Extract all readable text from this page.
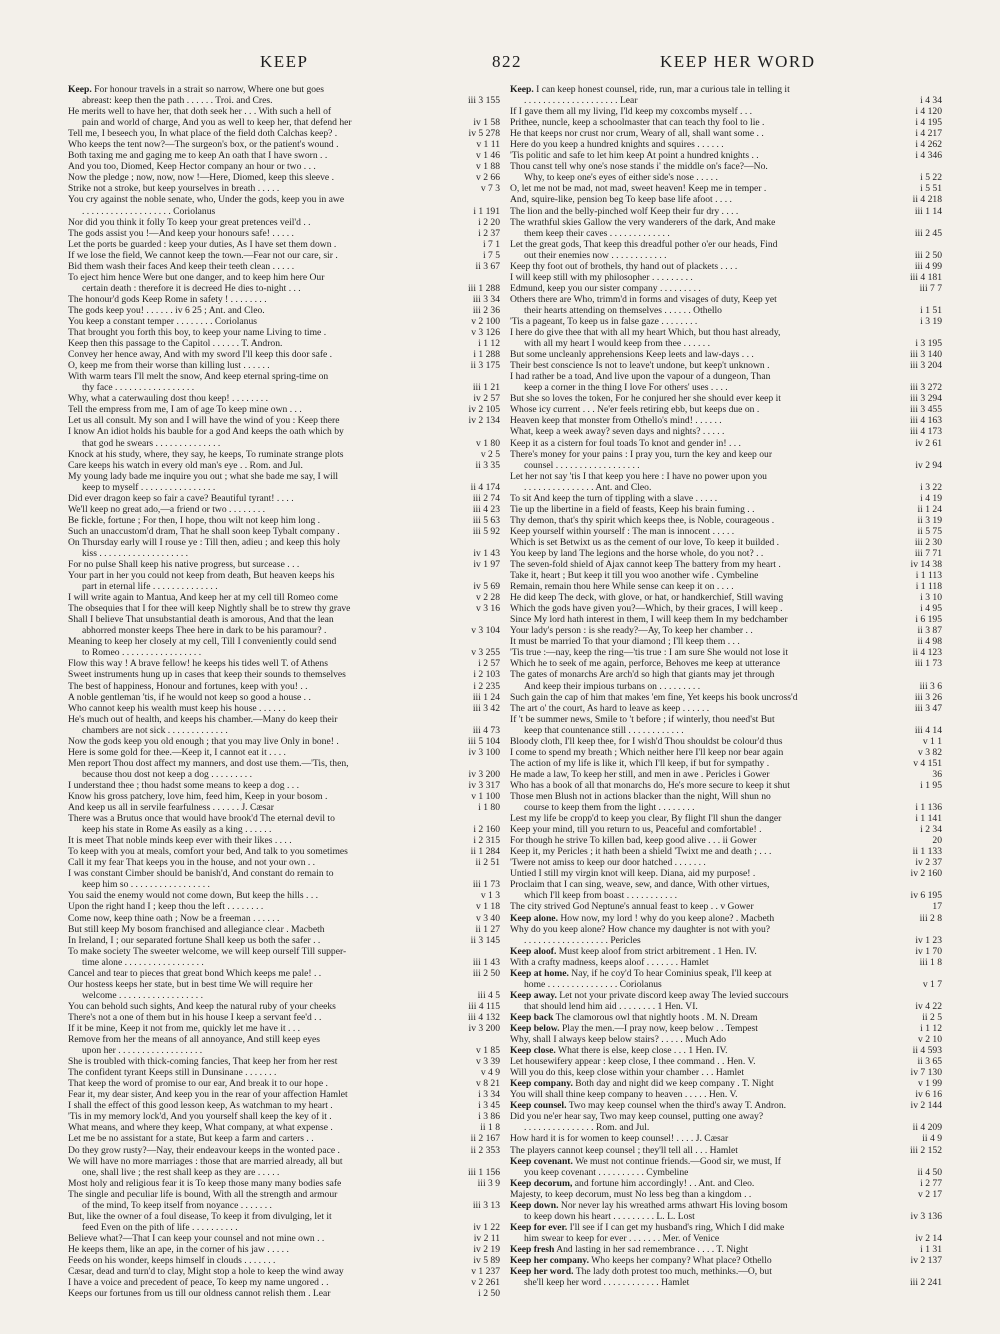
KEEP	822	KEEP HER WORD
Keep. For honour travels in a strait so narrow, Where one but goes
abreast: keep then the path . . . . . . Troi. and Cres.	iii 3 155
He merits well to have her, that doth seek her . . . With such a hell of
pain and world of charge, And you as well to keep her, that defend her	iv 1 58
Tell me, I beseech you, In what place of the field doth Calchas keep? .	iv 5 278
Who keeps the tent now?—The surgeon's box, or the patient's wound .	v 1 11
Both taxing me and gaging me to keep An oath that I have sworn . .	v 1 46
And you too, Diomed, Keep Hector company an hour or two . . .	v 1 88
Now the pledge ; now, now, now !—Here, Diomed, keep this sleeve .	v 2 66
Strike not a stroke, but keep yourselves in breath . . . . .	v 7 3
You cry against the noble senate, who, Under the gods, keep you in awe
. . . . . . . . . . . . . . . . . . . Coriolanus	i 1 191
Nor did you think it folly To keep your great pretences veil'd . .	i 2 20
The gods assist you !—And keep your honours safe! . . . . .	i 2 37
Let the ports be guarded : keep your duties, As I have set them down .	i 7 1
If we lose the field, We cannot keep the town.—Fear not our care, sir .	i 7 5
Bid them wash their faces And keep their teeth clean . . . . .	ii 3 67
To eject him hence Were but one danger, and to keep him here Our
certain death : therefore it is decreed He dies to-night . . .	iii 1 288
The honour'd gods Keep Rome in safety ! . . . . . . . .	iii 3 34
The gods keep you! . . . . . . iv 6 25 ; Ant. and Cleo.	iii 2 36
You keep a constant temper . . . . . . . . Coriolanus	v 2 100
That brought you forth this boy, to keep your name Living to time .	v 3 126
Keep then this passage to the Capitol . . . . . . T. Andron.	i 1 12
Convey her hence away, And with my sword I'll keep this door safe .	i 1 288
O, keep me from their worse than killing lust . . . . . .	ii 3 175
With warm tears I'll melt the snow, And keep eternal spring-time on
thy face . . . . . . . . . . . . . . . . .	iii 1 21
Why, what a caterwauling dost thou keep! . . . . . . . .	iv 2 57
Tell the empress from me, I am of age To keep mine own . . .	iv 2 105
Let us all consult. My son and I will have the wind of you : Keep there	iv 2 134
I know An idiot holds his bauble for a god And keeps the oath which by
that god he swears . . . . . . . . . . . . . .	v 1 80
Knock at his study, where, they say, he keeps, To ruminate strange plots	v 2 5
Care keeps his watch in every old man's eye . . Rom. and Jul.	ii 3 35
My young lady bade me inquire you out ; what she bade me say, I will
keep to myself . . . . . . . . . . . . . . . .	ii 4 174
Did ever dragon keep so fair a cave? Beautiful tyrant! . . . .	iii 2 74
We'll keep no great ado,—a friend or two . . . . . . . .	iii 4 23
Be fickle, fortune ; For then, I hope, thou wilt not keep him long .	iii 5 63
Such an unaccustom'd dram, That he shall soon keep Tybalt company .	iii 5 92
On Thursday early will I rouse ye : Till then, adieu ; and keep this holy
kiss . . . . . . . . . . . . . . . . . . .	iv 1 43
For no pulse Shall keep his native progress, but surcease . . .	iv 1 97
Your part in her you could not keep from death, But heaven keeps his
part in eternal life . . . . . . . . . . . . . .	iv 5 69
I will write again to Mantua, And keep her at my cell till Romeo come	v 2 28
The obsequies that I for thee will keep Nightly shall be to strew thy grave	v 3 16
Shall I believe That unsubstantial death is amorous, And that the lean
abhorred monster keeps Thee here in dark to be his paramour? .	v 3 104
Meaning to keep her closely at my cell, Till I conveniently could send
to Romeo . . . . . . . . . . . . . . . . .	v 3 255
Flow this way ! A brave fellow! he keeps his tides well T. of Athens	i 2 57
Sweet instruments hung up in cases that keep their sounds to themselves	i 2 103
The best of happiness, Honour and fortunes, keep with you! . .	i 2 235
A noble gentleman 'tis, if he would not keep so good a house . .	iii 1 24
Who cannot keep his wealth must keep his house . . . . . .	iii 3 42
He's much out of health, and keeps his chamber.—Many do keep their
chambers are not sick . . . . . . . . . . . . .	iii 4 73
Now the gods keep you old enough ; that you may live Only in bone! .	iii 5 104
Here is some gold for thee.—Keep it, I cannot eat it . . . .	iv 3 100
Men report Thou dost affect my manners, and dost use them.—'Tis, then,
because thou dost not keep a dog . . . . . . . . .	iv 3 200
I understand thee ; thou hadst some means to keep a dog . . .	iv 3 317
Know his gross patchery, love him, feed him, Keep in your bosom .	v 1 100
And keep us all in servile fearfulness . . . . . . J. Cæsar	i 1 80
There was a Brutus once that would have brook'd The eternal devil to
keep his state in Rome As easily as a king . . . . . .	i 2 160
It is meet That noble minds keep ever with their likes . . . .	i 2 315
To keep with you at meals, comfort your bed, And talk to you sometimes	ii 1 284
Call it my fear That keeps you in the house, and not your own . .	ii 2 51
I was constant Cimber should be banish'd, And constant do remain to
keep him so . . . . . . . . . . . . . . . . .	iii 1 73
You said the enemy would not come down, But keep the hills . . .	v 1 3
Upon the right hand I ; keep thou the left . . . . . . . .	v 1 18
Come now, keep thine oath ; Now be a freeman . . . . . .	v 3 40
But still keep My bosom franchised and allegiance clear . Macbeth	ii 1 27
In Ireland, I ; our separated fortune Shall keep us both the safer . .	ii 3 145
To make society The sweeter welcome, we will keep ourself Till supper-
time alone . . . . . . . . . . . . . . . . .	iii 1 43
Cancel and tear to pieces that great bond Which keeps me pale! . .	iii 2 50
Our hostess keeps her state, but in best time We will require her
welcome . . . . . . . . . . . . . . . . . .	iii 4 5
You can behold such sights, And keep the natural ruby of your cheeks	iii 4 115
There's not a one of them but in his house I keep a servant fee'd . .	iii 4 132
If it be mine, Keep it not from me, quickly let me have it . . .	iv 3 200
Remove from her the means of all annoyance, And still keep eyes
upon her . . . . . . . . . . . . . . . . . .	v 1 85
She is troubled with thick-coming fancies, That keep her from her rest	v 3 39
The confident tyrant Keeps still in Dunsinane . . . . . . .	v 4 9
That keep the word of promise to our ear, And break it to our hope .	v 8 21
Fear it, my dear sister, And keep you in the rear of your affection Hamlet	i 3 34
I shall the effect of this good lesson keep, As watchman to my heart .	i 3 45
'Tis in my memory lock'd, And you yourself shall keep the key of it .	i 3 86
What means, and where they keep, What company, at what expense .	ii 1 8
Let me be no assistant for a state, But keep a farm and carters . .	ii 2 167
Do they grow rusty?—Nay, their endeavour keeps in the wonted pace .	ii 2 353
We will have no more marriages : those that are married already, all but
one, shall live ; the rest shall keep as they are . . . . .	iii 1 156
Most holy and religious fear it is To keep those many many bodies safe	iii 3 9
The single and peculiar life is bound, With all the strength and armour
of the mind, To keep itself from noyance . . . . . . .	iii 3 13
But, like the owner of a foul disease, To keep it from divulging, let it
feed Even on the pith of life . . . . . . . . . .	iv 1 22
Believe what?—That I can keep your counsel and not mine own . .	iv 2 11
He keeps them, like an ape, in the corner of his jaw . . . . .	iv 2 19
Feeds on his wonder, keeps himself in clouds . . . . . . .	iv 5 89
Cæsar, dead and turn'd to clay, Might stop a hole to keep the wind away	v 1 237
I have a voice and precedent of peace, To keep my name ungored . .	v 2 261
Keeps our fortunes from us till our oldness cannot relish them . Lear	i 2 50
Keep. I can keep honest counsel, ride, run, mar a curious tale in telling it
. . . . . . . . . . . . . . . . . . . . Lear	i 4 34
If I gave them all my living, I'ld keep my coxcombs myself . . .	i 4 120
Prithee, nuncle, keep a schoolmaster that can teach thy fool to lie .	i 4 195
He that keeps nor crust nor crum, Weary of all, shall want some . .	i 4 217
Here do you keep a hundred knights and squires . . . . . .	i 4 262
'Tis politic and safe to let him keep At point a hundred knights . .	i 4 346
Thou canst tell why one's nose stands i' the middle on's face?—No.
Why, to keep one's eyes of either side's nose . . . . .	i 5 22
O, let me not be mad, not mad, sweet heaven! Keep me in temper .	i 5 51
And, squire-like, pension beg To keep base life afoot . . . .	ii 4 218
The lion and the belly-pinched wolf Keep their fur dry . . . .	iii 1 14
The wrathful skies Gallow the very wanderers of the dark, And make
them keep their caves . . . . . . . . . . . . .	iii 2 45
Let the great gods, That keep this dreadful pother o'er our heads, Find
out their enemies now . . . . . . . . . . . .	iii 2 50
Keep thy foot out of brothels, thy hand out of plackets . . . .	iii 4 99
I will keep still with my philosopher . . . . . . . . .	iii 4 181
Edmund, keep you our sister company . . . . . . . . .	iii 7 7
Others there are Who, trimm'd in forms and visages of duty, Keep yet
their hearts attending on themselves . . . . . . Othello	i 1 51
'Tis a pageant, To keep us in false gaze . . . . . . . .	i 3 19
I here do give thee that with all my heart Which, but thou hast already,
with all my heart I would keep from thee . . . . . .	i 3 195
But some uncleanly apprehensions Keep leets and law-days . . .	iii 3 140
Their best conscience Is not to leave't undone, but keep't unknown .	iii 3 204
I had rather be a toad, And live upon the vapour of a dungeon, Than
keep a corner in the thing I love For others' uses . . . .	iii 3 272
But she so loves the token, For he conjured her she should ever keep it	iii 3 294
Whose icy current . . . Ne'er feels retiring ebb, but keeps due on .	iii 3 455
Heaven keep that monster from Othello's mind! . . . . . .	iii 4 163
What, keep a week away? seven days and nights? . . . . .	iii 4 173
Keep it as a cistern for foul toads To knot and gender in! . . .	iv 2 61
There's money for your pains : I pray you, turn the key and keep our
counsel . . . . . . . . . . . . . . . . . .	iv 2 94
Let her not say 'tis I that keep you here : I have no power upon you
. . . . . . . . . . . . . . . Ant. and Cleo.	i 3 22
To sit And keep the turn of tippling with a slave . . . . .	i 4 19
Tie up the libertine in a field of feasts, Keep his brain fuming . .	ii 1 24
Thy demon, that's thy spirit which keeps thee, is Noble, courageous .	ii 3 19
Keep yourself within yourself : The man is innocent . . . . .	ii 5 75
Which is set Betwixt us as the cement of our love, To keep it builded .	iii 2 30
You keep by land The legions and the horse whole, do you not? . .	iii 7 71
The seven-fold shield of Ajax cannot keep The battery from my heart .	iv 14 38
Take it, heart ; But keep it till you woo another wife . Cymbeline	i 1 113
Remain, remain thou here While sense can keep it on . . . .	i 1 118
He did keep The deck, with glove, or hat, or handkerchief, Still waving	i 3 10
Which the gods have given you?—Which, by their graces, I will keep .	i 4 95
Since My lord hath interest in them, I will keep them In my bedchamber	i 6 195
Your lady's person : is she ready?—Ay, To keep her chamber . .	ii 3 87
It must be married To that your diamond ; I'll keep them . . .	ii 4 98
'Tis true :—nay, keep the ring—'tis true : I am sure She would not lose it	ii 4 123
Which he to seek of me again, perforce, Behoves me keep at utterance	iii 1 73
The gates of monarchs Are arch'd so high that giants may jet through
And keep their impious turbans on . . . . . . . . .	iii 3 6
Such gain the cap of him that makes 'em fine, Yet keeps his book uncross'd	iii 3 26
The art o' the court, As hard to leave as keep . . . . . .	iii 3 47
If 't be summer news, Smile to 't before ; if winterly, thou need'st But
keep that countenance still . . . . . . . . . . . .	iii 4 14
Bloody cloth, I'll keep thee, for I wish'd Thou shouldst be colour'd thus	v 1 1
I come to spend my breath ; Which neither here I'll keep nor bear again	v 3 82
The action of my life is like it, which I'll keep, if but for sympathy .	v 4 151
He made a law, To keep her still, and men in awe . Pericles i Gower	36
Who has a book of all that monarchs do, He's more secure to keep it shut	i 1 95
Those men Blush not in actions blacker than the night, Will shun no
course to keep them from the light . . . . . . . .	i 1 136
Lest my life be cropp'd to keep you clear, By flight I'll shun the danger	i 1 141
Keep your mind, till you return to us, Peaceful and comfortable! .	i 2 34
For though he strive To killen bad, keep good alive . . . ii Gower	20
Keep it, my Pericles ; it hath been a shield 'Twixt me and death ; . . .	ii 1 133
'Twere not amiss to keep our door hatched . . . . . . .	iv 2 37
Untied I still my virgin knot will keep. Diana, aid my purpose! .	iv 2 160
Proclaim that I can sing, weave, sew, and dance, With other virtues,
which I'll keep from boast . . . . . . . . . . .	iv 6 195
The city strived God Neptune's annual feast to keep . . v Gower	17
Keep alone. How now, my lord ! why do you keep alone? . Macbeth	iii 2 8
Why do you keep alone? How chance my daughter is not with you?
. . . . . . . . . . . . . . . . . . Pericles	iv 1 23
Keep aloof. Must keep aloof from strict arbitrement . 1 Hen. IV.	iv 1 70
With a crafty madness, keeps aloof . . . . . . . Hamlet	iii 1 8
Keep at home. Nay, if he coy'd To hear Cominius speak, I'll keep at
home . . . . . . . . . . . . . . . Coriolanus	v 1 7
Keep away. Let not your private discord keep away The levied succours
that should lend him aid . . . . . . . . 1 Hen. VI.	iv 4 22
Keep back The clamorous owl that nightly hoots . M. N. Dream	ii 2 5
Keep below. Play the men.—I pray now, keep below . . Tempest	i 1 12
Why, shall I always keep below stairs? . . . . . Much Ado	v 2 10
Keep close. What there is else, keep close . . . 1 Hen. IV.	ii 4 593
Let housewifery appear : keep close, I thee command . . Hen. V.	ii 3 65
Will you do this, keep close within your chamber . . . Hamlet	iv 7 130
Keep company. Both day and night did we keep company . T. Night	v 1 99
You will shall thine keep company to heaven . . . . . Hen. V.	iv 6 16
Keep counsel. Two may keep counsel when the third's away T. Andron.	iv 2 144
Did you ne'er hear say, Two may keep counsel, putting one away?
. . . . . . . . . . . . . . . Rom. and Jul.	ii 4 209
How hard it is for women to keep counsel! . . . . J. Cæsar	ii 4 9
The players cannot keep counsel ; they'll tell all . . . Hamlet	iii 2 152
Keep covenant. We must not continue friends.—Good sir, we must, If
you keep covenant . . . . . . . . . . Cymbeline	ii 4 50
Keep decorum, and fortune him accordingly! . . Ant. and Cleo.	i 2 77
Majesty, to keep decorum, must No less beg than a kingdom . .	v 2 17
Keep down. Nor never lay his wreathed arms athwart His loving bosom
to keep down his heart . . . . . . . . . L. L. Lost	iv 3 136
Keep for ever. I'll see if I can get my husband's ring, Which I did make
him swear to keep for ever . . . . . . . Mer. of Venice	iv 2 14
Keep fresh And lasting in her sad remembrance . . . . T. Night	i 1 31
Keep her company. Who keeps her company? What place? Othello	iv 2 137
Keep her word. The lady doth protest too much, methinks.—O, but
she'll keep her word . . . . . . . . . . . . Hamlet	iii 2 241
